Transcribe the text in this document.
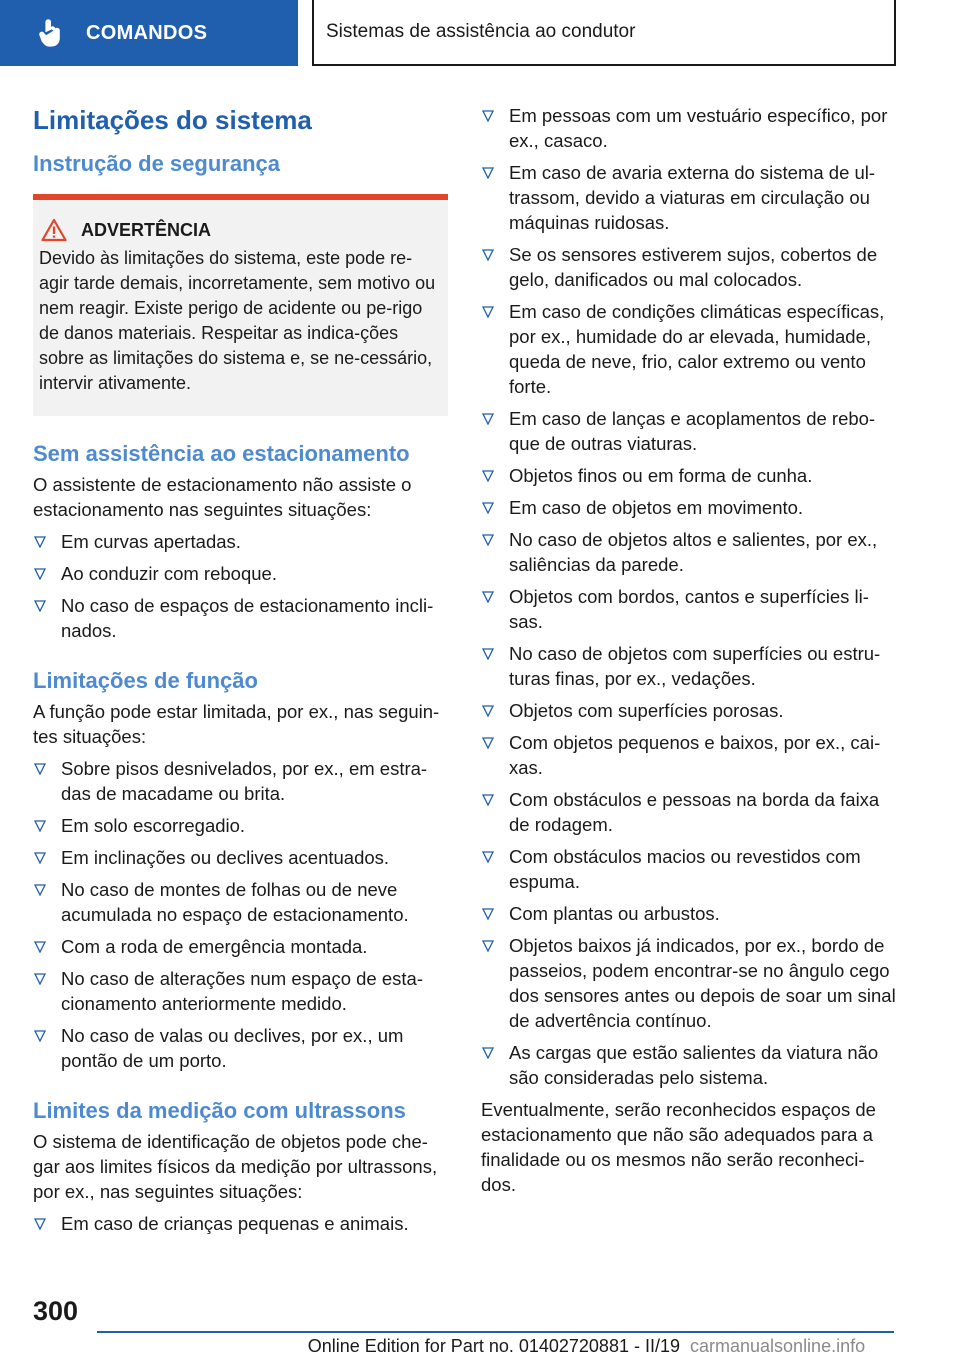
COMANDOS	Sistemas de assistência ao condutor
Limitações do sistema
Instrução de segurança
ADVERTÊNCIA

Devido às limitações do sistema, este pode re-agir tarde demais, incorretamente, sem motivo ou nem reagir. Existe perigo de acidente ou pe-rigo de danos materiais. Respeitar as indica-ções sobre as limitações do sistema e, se ne-cessário, intervir ativamente.

Sem assistência ao estacionamento

O assistente de estacionamento não assiste o estacionamento nas seguintes situações:

Em curvas apertadas.
Ao conduzir com reboque.
No caso de espaços de estacionamento incli-nados.
Limitações de função

A função pode estar limitada, por ex., nas seguin-tes situações:

Sobre pisos desnivelados, por ex., em estra-das de macadame ou brita.
Em solo escorregadio.
Em inclinações ou declives acentuados.
No caso de montes de folhas ou de neve acumulada no espaço de estacionamento.
Com a roda de emergência montada.
No caso de alterações num espaço de esta-cionamento anteriormente medido.
No caso de valas ou declives, por ex., um pontão de um porto.
Limites da medição com ultrassons

O sistema de identificação de objetos pode che-gar aos limites físicos da medição por ultrassons, por ex., nas seguintes situações:

Em caso de crianças pequenas e animais.
Em pessoas com um vestuário específico, por ex., casaco.
Em caso de avaria externa do sistema de ul-trassom, devido a viaturas em circulação ou máquinas ruidosas.
Se os sensores estiverem sujos, cobertos de gelo, danificados ou mal colocados.
Em caso de condições climáticas específicas, por ex., humidade do ar elevada, humidade, queda de neve, frio, calor extremo ou vento forte.
Em caso de lanças e acoplamentos de rebo-que de outras viaturas.
Objetos finos ou em forma de cunha.
Em caso de objetos em movimento.
No caso de objetos altos e salientes, por ex., saliências da parede.
Objetos com bordos, cantos e superfícies li-sas.
No caso de objetos com superfícies ou estru-turas finas, por ex., vedações.
Objetos com superfícies porosas.
Com objetos pequenos e baixos, por ex., cai-xas.
Com obstáculos e pessoas na borda da faixa de rodagem.
Com obstáculos macios ou revestidos com espuma.
Com plantas ou arbustos.
Objetos baixos já indicados, por ex., bordo de passeios, podem encontrar-se no ângulo cego dos sensores antes ou depois de soar um sinal de advertência contínuo.
As cargas que estão salientes da viatura não são consideradas pelo sistema.

Eventualmente, serão reconhecidos espaços de estacionamento que não são adequados para a finalidade ou os mesmos não serão reconheci-dos.

300
Online Edition for Part no. 01402720881 - II/19 carmanualsonline.info
